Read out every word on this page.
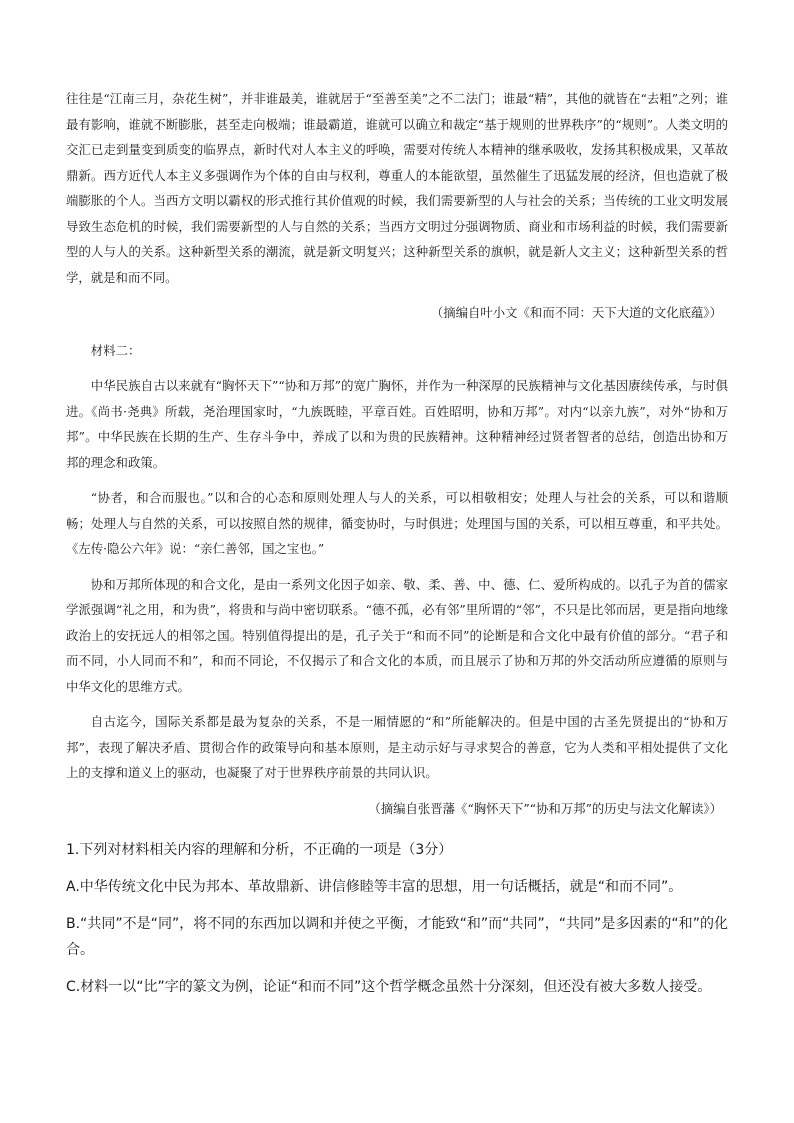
往往是“江南三月，杂花生树”，并非谁最美，谁就居于“至善至美”之不二法门；谁最“精”，其他的就皆在“去粗”之列；谁最有影响，谁就不断膨胀，甚至走向极端；谁最霸道，谁就可以确立和裁定“基于规则的世界秩序”的“规则”。人类文明的交汇已走到量变到质变的临界点，新时代对人本主义的呼唤，需要对传统人本精神的继承吸收，发扬其积极成果，又革故鼎新。西方近代人本主义多强调作为个体的自由与权利，尊重人的本能欲望，虽然催生了迅猛发展的经济，但也造就了极端膨胀的个人。当西方文明以霸权的形式推行其价值观的时候，我们需要新型的人与社会的关系；当传统的工业文明发展导致生态危机的时候，我们需要新型的人与自然的关系；当西方文明过分强调物质、商业和市场利益的时候，我们需要新型的人与人的关系。这种新型关系的潮流，就是新文明复兴；这种新型关系的旗帜，就是新人文主义；这种新型关系的哲学，就是和而不同。

（摘编自叶小文《和而不同：天下大道的文化底蕴》）

材料二：

中华民族自古以来就有“胸怀天下”“协和万邦”的宽广胸怀，并作为一种深厚的民族精神与文化基因赓续传承，与时俱进。《尚书·尧典》所载，尧治理国家时，“九族既睦，平章百姓。百姓昭明，协和万邦”。对内“以亲九族”，对外“协和万邦”。中华民族在长期的生产、生存斗争中，养成了以和为贵的民族精神。这种精神经过贤者智者的总结，创造出协和万邦的理念和政策。

“协者，和合而服也。”以和合的心态和原则处理人与人的关系，可以相敬相安；处理人与社会的关系，可以和谐顺畅；处理人与自然的关系，可以按照自然的规律，循变协时，与时俱进；处理国与国的关系，可以相互尊重，和平共处。《左传·隐公六年》说：“亲仁善邻，国之宝也。”

协和万邦所体现的和合文化，是由一系列文化因子如亲、敬、柔、善、中、德、仁、爱所构成的。以孔子为首的儒家学派强调“礼之用，和为贵”，将贵和与尚中密切联系。“德不孤，必有邻”里所谓的“邻”，不只是比邻而居，更是指向地缘政治上的安抚远人的相邻之国。特别值得提出的是，孔子关于“和而不同”的论断是和合文化中最有价值的部分。“君子和而不同，小人同而不和”，和而不同论，不仅揭示了和合文化的本质，而且展示了协和万邦的外交活动所应遵循的原则与中华文化的思维方式。

自古迄今，国际关系都是最为复杂的关系，不是一厢情愿的“和”所能解决的。但是中国的古圣先贤提出的“协和万邦”，表现了解决矛盾、贯彻合作的政策导向和基本原则，是主动示好与寻求契合的善意，它为人类和平相处提供了文化上的支撑和道义上的驱动，也凝聚了对于世界秩序前景的共同认识。

（摘编自张晋藩《“胸怀天下”“协和万邦”的历史与法文化解读》）

1.下列对材料相关内容的理解和分析，不正确的一项是（3分）

A.中华传统文化中民为邦本、革故鼎新、讲信修睦等丰富的思想，用一句话概括，就是“和而不同”。

B.“共同”不是“同”，将不同的东西加以调和并使之平衡，才能致“和”而“共同”，“共同”是多因素的“和”的化合。

C.材料一以“比”字的篆文为例，论证“和而不同”这个哲学概念虽然十分深刻，但还没有被大多数人接受。
